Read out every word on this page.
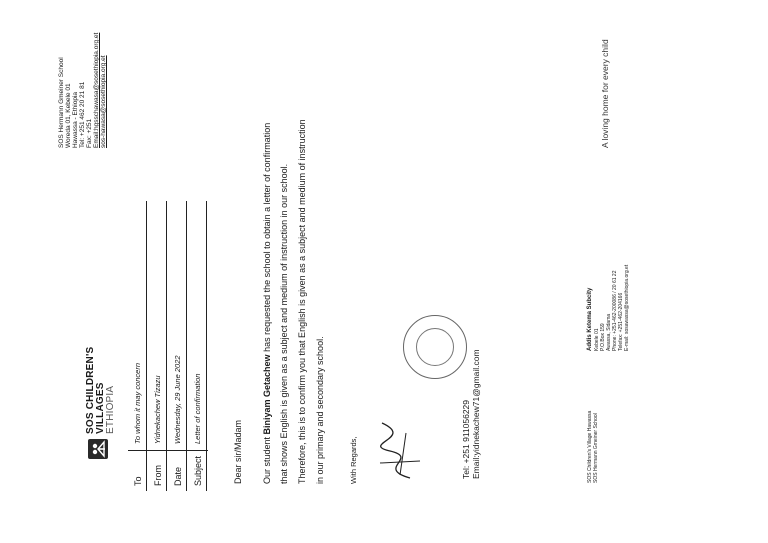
SOS CHILDREN'S VILLAGES ETHIOPIA
SOS Hermann Gmeiner School Woreda 01, Kebele 01 Hawassa - Ethiopia Tel: +251 462 20 21 81 Fax: +251 Email:hgsschawasa@sosethiopia.org.et sos-hawasa@sosethiopia.org.et
To
To whom it may concern
From
Yidnekachew Tizazu
Date
Wednesday, 29 June 2022
Subject
Letter of confirmation
Dear sir/Madam Our student Biniyam Getachew has requested the school to obtain a letter of confirmation that shows English is given as a subject and medium of instruction in our school. Therefore, this is to confirm you that English is given as a subject and medium of instruction in our primary and secondary school.	With Regards,	Tel: +251 911056229 Email:yidnekachew71@gmail.com	SOS Children's Village Hawassa SOS Hermann Gmeiner School
Addis Ketema Subcity Kebele 01 P.O.Box 159 Awassa, Sidama Phone: +251-462-200086 / 20 61 22 Telefax: +251-462-204166 E-mail: sosawassa@sosethiopia.org.et
A loving home for every child
